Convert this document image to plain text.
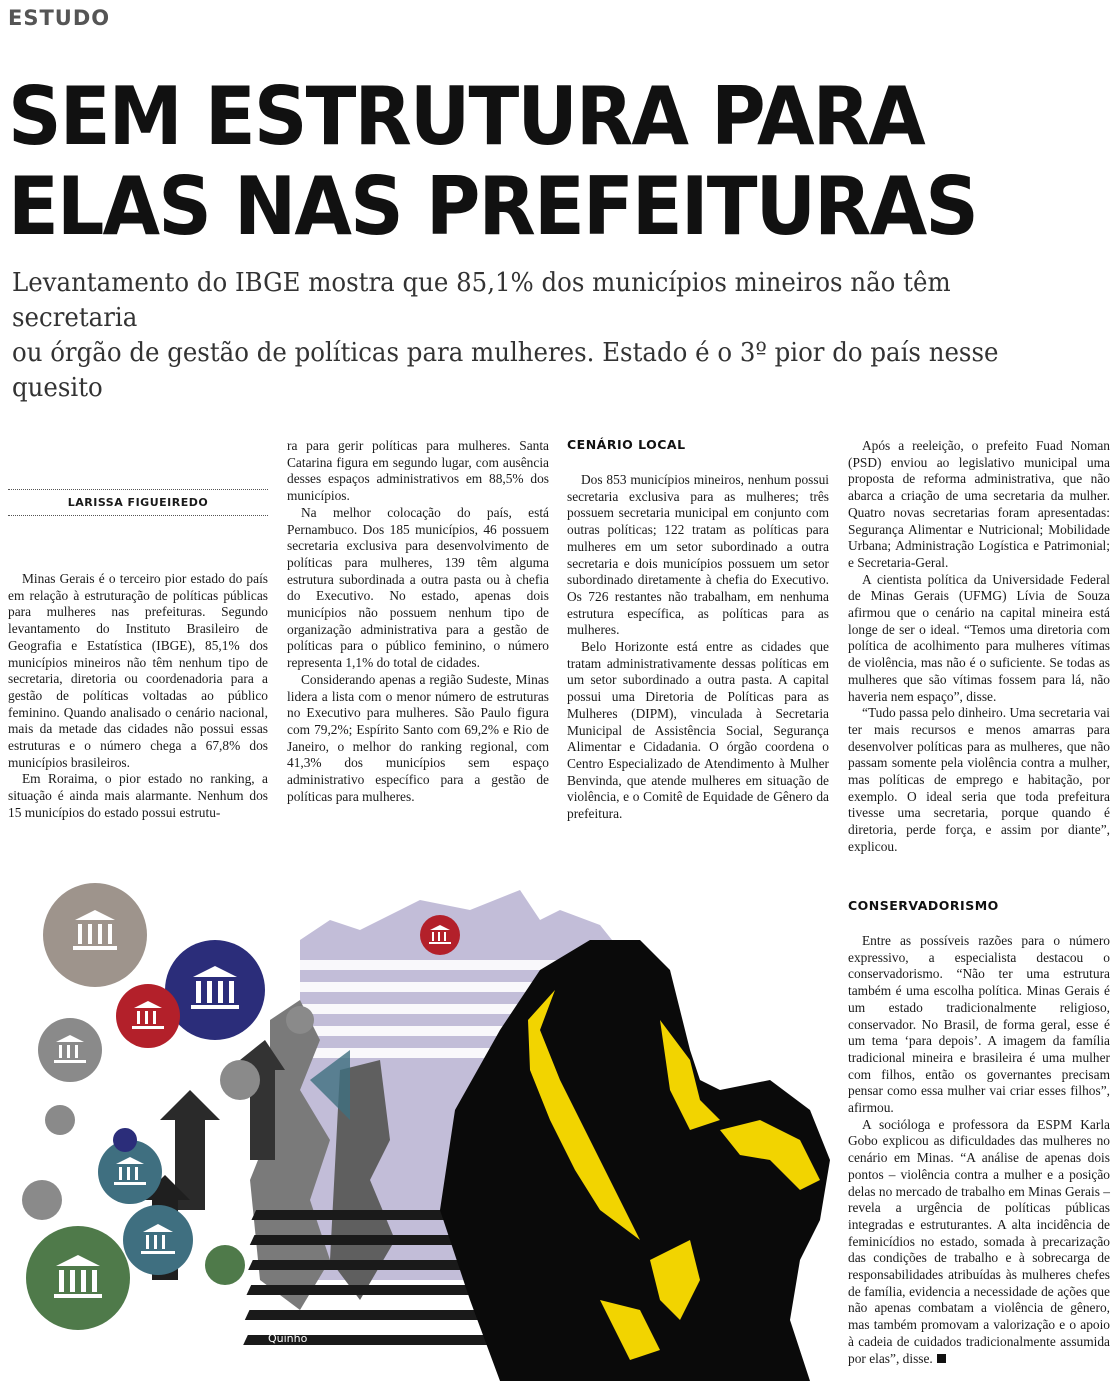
ESTUDO
SEM ESTRUTURA PARA
ELAS NAS PREFEITURAS
Levantamento do IBGE mostra que 85,1% dos municípios mineiros não têm secretaria
ou órgão de gestão de políticas para mulheres. Estado é o 3º pior do país nesse quesito
LARISSA FIGUEIREDO

Minas Gerais é o terceiro pior estado do país em relação à estruturação de políticas públicas para mulheres nas prefeituras. Segundo levantamento do Instituto Brasileiro de Geografia e Estatística (IBGE), 85,1% dos municípios mineiros não têm nenhum tipo de secretaria, diretoria ou coordenadoria para a gestão de políticas voltadas ao público feminino. Quando analisado o cenário nacional, mais da metade das cidades não possui essas estruturas e o número chega a 67,8% dos municípios brasileiros.

Em Roraima, o pior estado no ranking, a situação é ainda mais alarmante. Nenhum dos 15 municípios do estado possui estrutu-

ra para gerir políticas para mulheres. Santa Catarina figura em segundo lugar, com ausência desses espaços administrativos em 88,5% dos municípios.

Na melhor colocação do país, está Pernambuco. Dos 185 municípios, 46 possuem secretaria exclusiva para desenvolvimento de políticas para mulheres, 139 têm alguma estrutura subordinada a outra pasta ou à chefia do Executivo. No estado, apenas dois municípios não possuem nenhum tipo de organização administrativa para a gestão de políticas para o público feminino, o número representa 1,1% do total de cidades.

Considerando apenas a região Sudeste, Minas lidera a lista com o menor número de estruturas no Executivo para mulheres. São Paulo figura com 79,2%; Espírito Santo com 69,2% e Rio de Janeiro, o melhor do ranking regional, com 41,3% dos municípios sem espaço administrativo específico para a gestão de políticas para mulheres.

CENÁRIO LOCAL

Dos 853 municípios mineiros, nenhum possui secretaria exclusiva para as mulheres; três possuem secretaria municipal em conjunto com outras políticas; 122 tratam as políticas para mulheres em um setor subordinado a outra secretaria e dois municípios possuem um setor subordinado diretamente à chefia do Executivo. Os 726 restantes não trabalham, em nenhuma estrutura específica, as políticas para as mulheres.

Belo Horizonte está entre as cidades que tratam administrativamente dessas políticas em um setor subordinado a outra pasta. A capital possui uma Diretoria de Políticas para as Mulheres (DIPM), vinculada à Secretaria Municipal de Assistência Social, Segurança Alimentar e Cidadania. O órgão coordena o Centro Especializado de Atendimento à Mulher Benvinda, que atende mulheres em situação de violência, e o Comitê de Equidade de Gênero da prefeitura.

Após a reeleição, o prefeito Fuad Noman (PSD) enviou ao legislativo municipal uma proposta de reforma administrativa, que não abarca a criação de uma secretaria da mulher. Quatro novas secretarias foram apresentadas: Segurança Alimentar e Nutricional; Mobilidade Urbana; Administração Logística e Patrimonial; e Secretaria-Geral.

A cientista política da Universidade Federal de Minas Gerais (UFMG) Lívia de Souza afirmou que o cenário na capital mineira está longe de ser o ideal. “Temos uma diretoria com política de acolhimento para mulheres vítimas de violência, mas não é o suficiente. Se todas as mulheres que são vítimas fossem para lá, não haveria nem espaço”, disse.

“Tudo passa pelo dinheiro. Uma secretaria vai ter mais recursos e menos amarras para desenvolver políticas para as mulheres, que não passam somente pela violência contra a mulher, mas políticas de emprego e habitação, por exemplo. O ideal seria que toda prefeitura tivesse uma secretaria, porque quando é diretoria, perde força, e assim por diante”, explicou.

CONSERVADORISMO

Entre as possíveis razões para o número expressivo, a especialista destacou o conservadorismo. “Não ter uma estrutura também é uma escolha política. Minas Gerais é um estado tradicionalmente religioso, conservador. No Brasil, de forma geral, esse é um tema ‘para depois’. A imagem da família tradicional mineira e brasileira é uma mulher com filhos, então os governantes precisam pensar como essa mulher vai criar esses filhos”, afirmou.

A socióloga e professora da ESPM Karla Gobo explicou as dificuldades das mulheres no cenário em Minas. “A análise de apenas dois pontos – violência contra a mulher e a posição delas no mercado de trabalho em Minas Gerais – revela a urgência de políticas públicas integradas e estruturantes. A alta incidência de feminicídios no estado, somada à precarização das condições de trabalho e à sobrecarga de responsabilidades atribuídas às mulheres chefes de família, evidencia a necessidade de ações que não apenas combatam a violência de gênero, mas também promovam a valorização e o apoio à cadeia de cuidados tradicionalmente assumida por elas”, disse.

Quinho
